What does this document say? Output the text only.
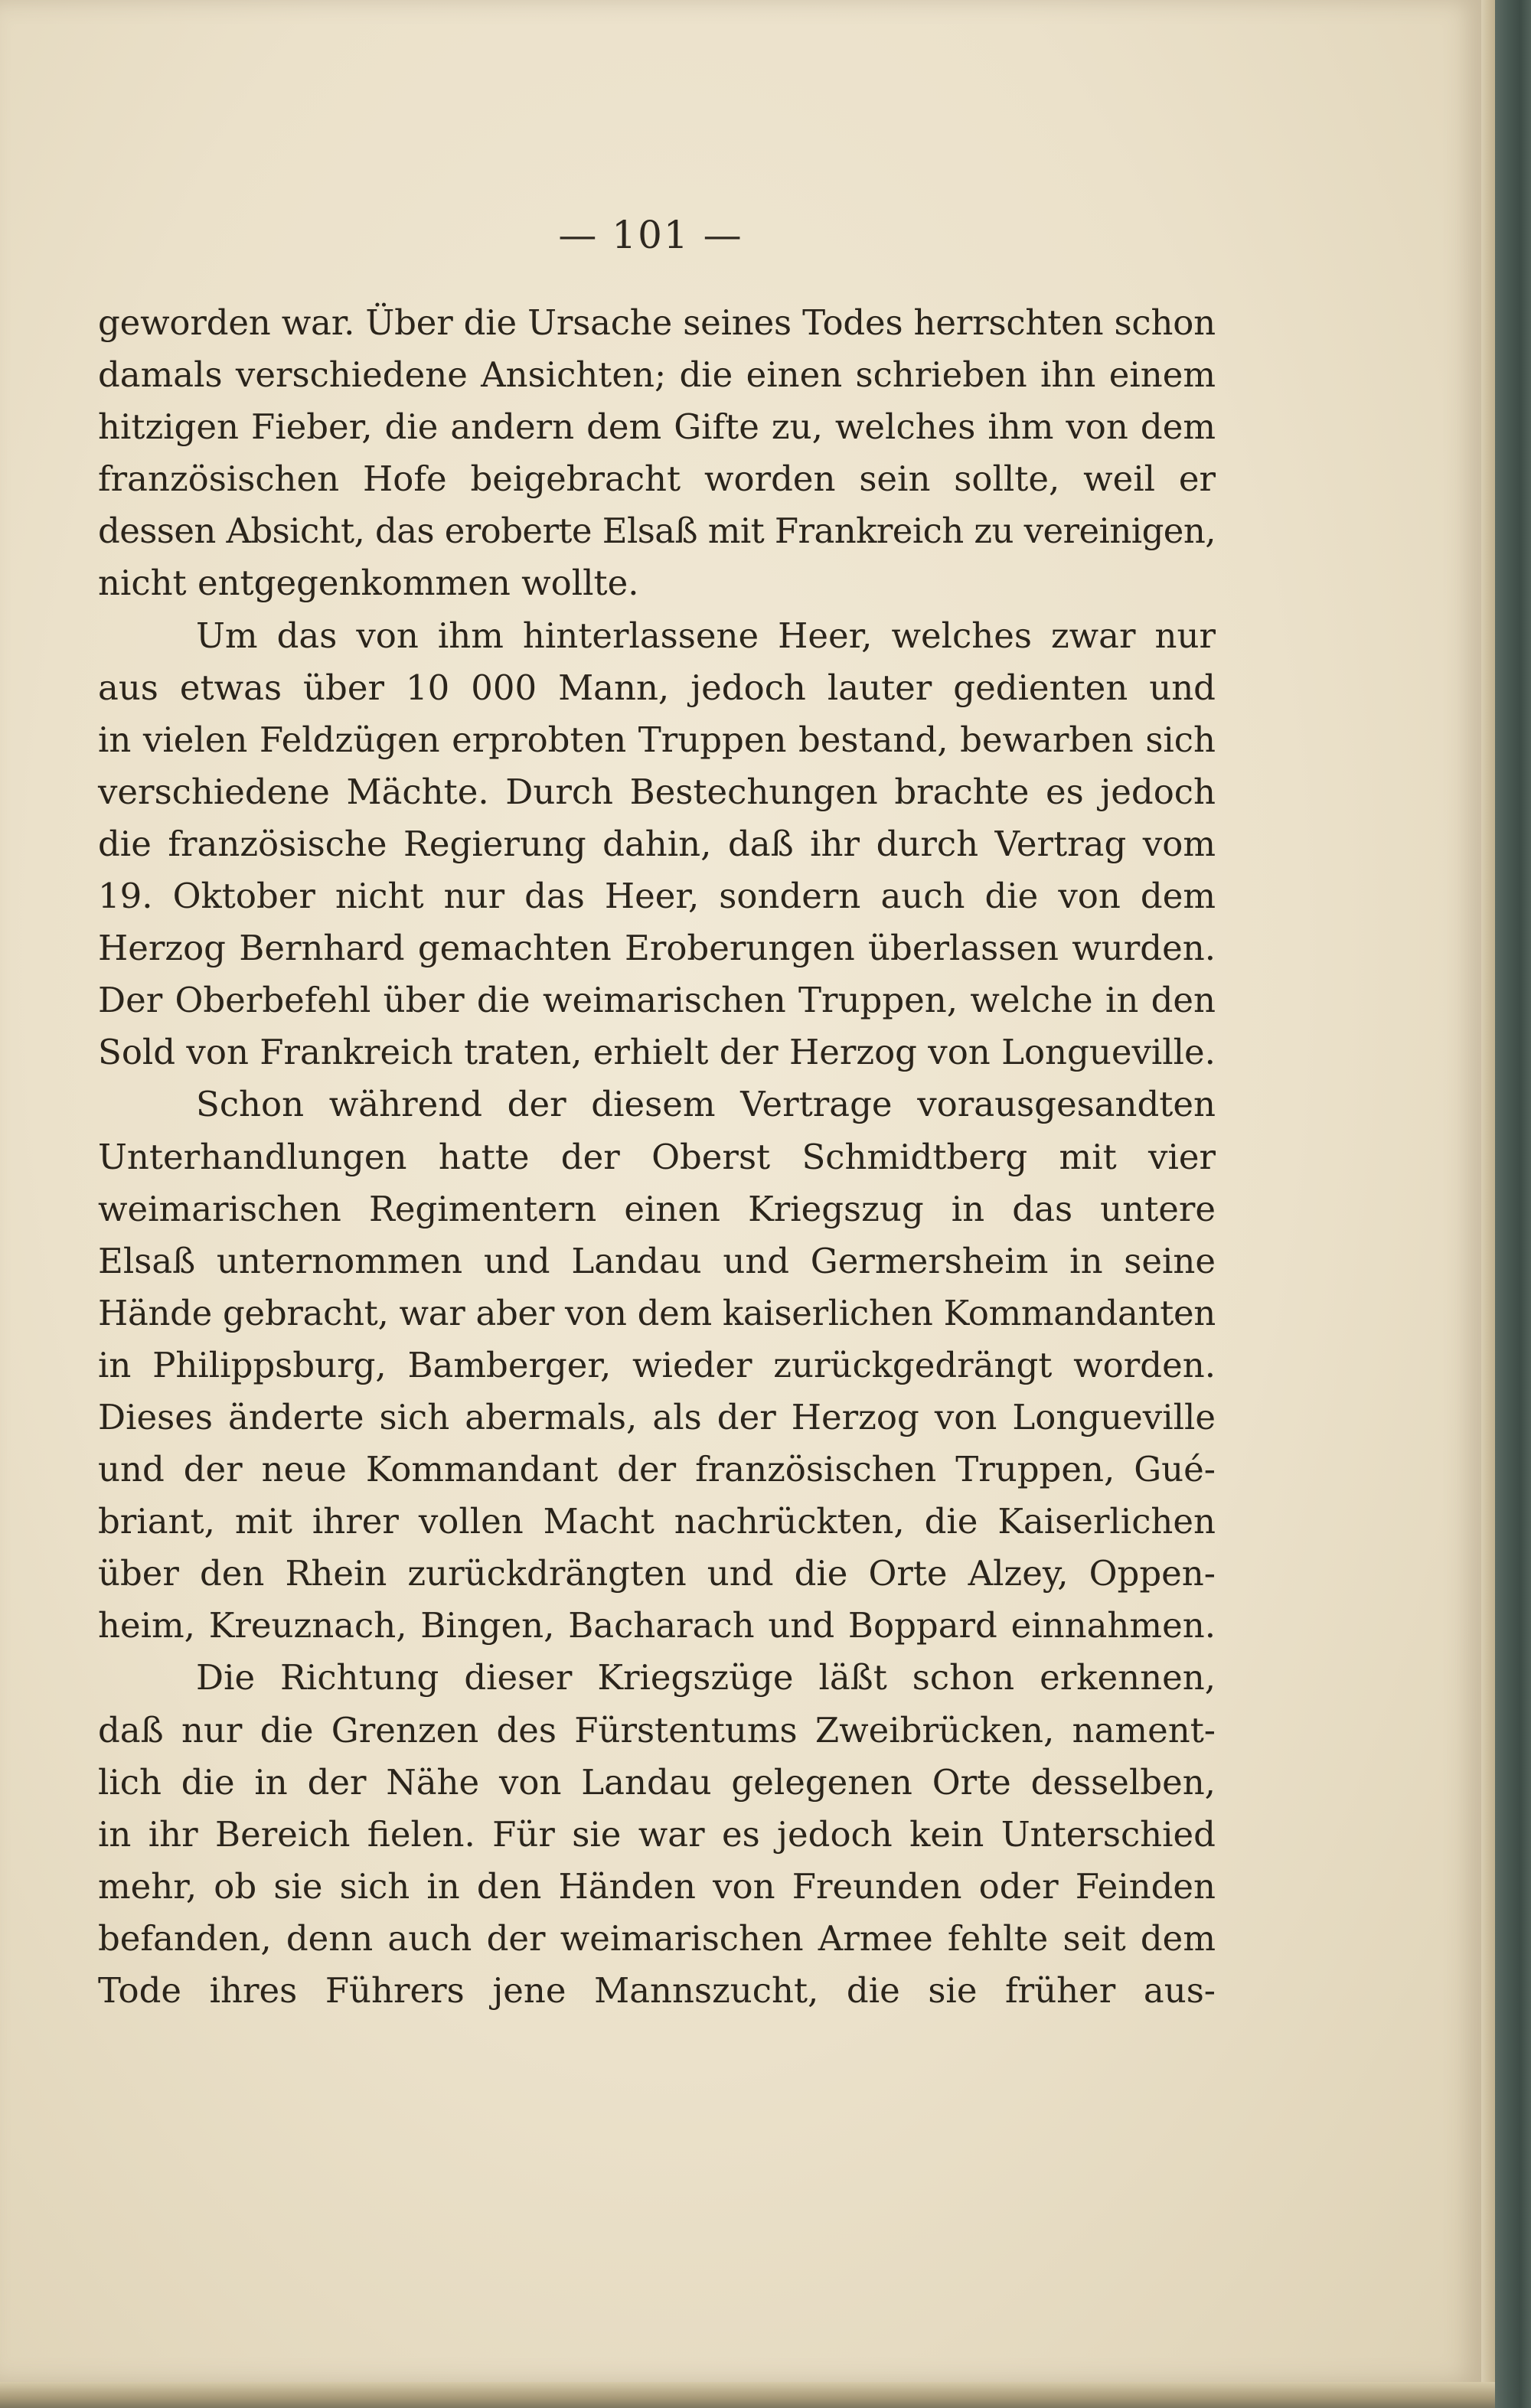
— 101 —
geworden war. Über die Ursache seines Todes herrschten schon
damals verschiedene Ansichten; die einen schrieben ihn einem
hitzigen Fieber, die andern dem Gifte zu, welches ihm von dem
französischen Hofe beigebracht worden sein sollte, weil er
dessen Absicht, das eroberte Elsaß mit Frankreich zu vereinigen,
nicht entgegenkommen wollte.
Um das von ihm hinterlassene Heer, welches zwar nur
aus etwas über 10 000 Mann, jedoch lauter gedienten und
in vielen Feldzügen erprobten Truppen bestand, bewarben sich
verschiedene Mächte. Durch Bestechungen brachte es jedoch
die französische Regierung dahin, daß ihr durch Vertrag vom
19. Oktober nicht nur das Heer, sondern auch die von dem
Herzog Bernhard gemachten Eroberungen überlassen wurden.
Der Oberbefehl über die weimarischen Truppen, welche in den
Sold von Frankreich traten, erhielt der Herzog von Longueville.
Schon während der diesem Vertrage vorausgesandten
Unterhandlungen hatte der Oberst Schmidtberg mit vier
weimarischen Regimentern einen Kriegszug in das untere
Elsaß unternommen und Landau und Germersheim in seine
Hände gebracht, war aber von dem kaiserlichen Kommandanten
in Philippsburg, Bamberger, wieder zurückgedrängt worden.
Dieses änderte sich abermals, als der Herzog von Longueville
und der neue Kommandant der französischen Truppen, Gué-
briant, mit ihrer vollen Macht nachrückten, die Kaiserlichen
über den Rhein zurückdrängten und die Orte Alzey, Oppen-
heim, Kreuznach, Bingen, Bacharach und Boppard einnahmen.
Die Richtung dieser Kriegszüge läßt schon erkennen,
daß nur die Grenzen des Fürstentums Zweibrücken, nament-
lich die in der Nähe von Landau gelegenen Orte desselben,
in ihr Bereich fielen. Für sie war es jedoch kein Unterschied
mehr, ob sie sich in den Händen von Freunden oder Feinden
befanden, denn auch der weimarischen Armee fehlte seit dem
Tode ihres Führers jene Mannszucht, die sie früher aus-
